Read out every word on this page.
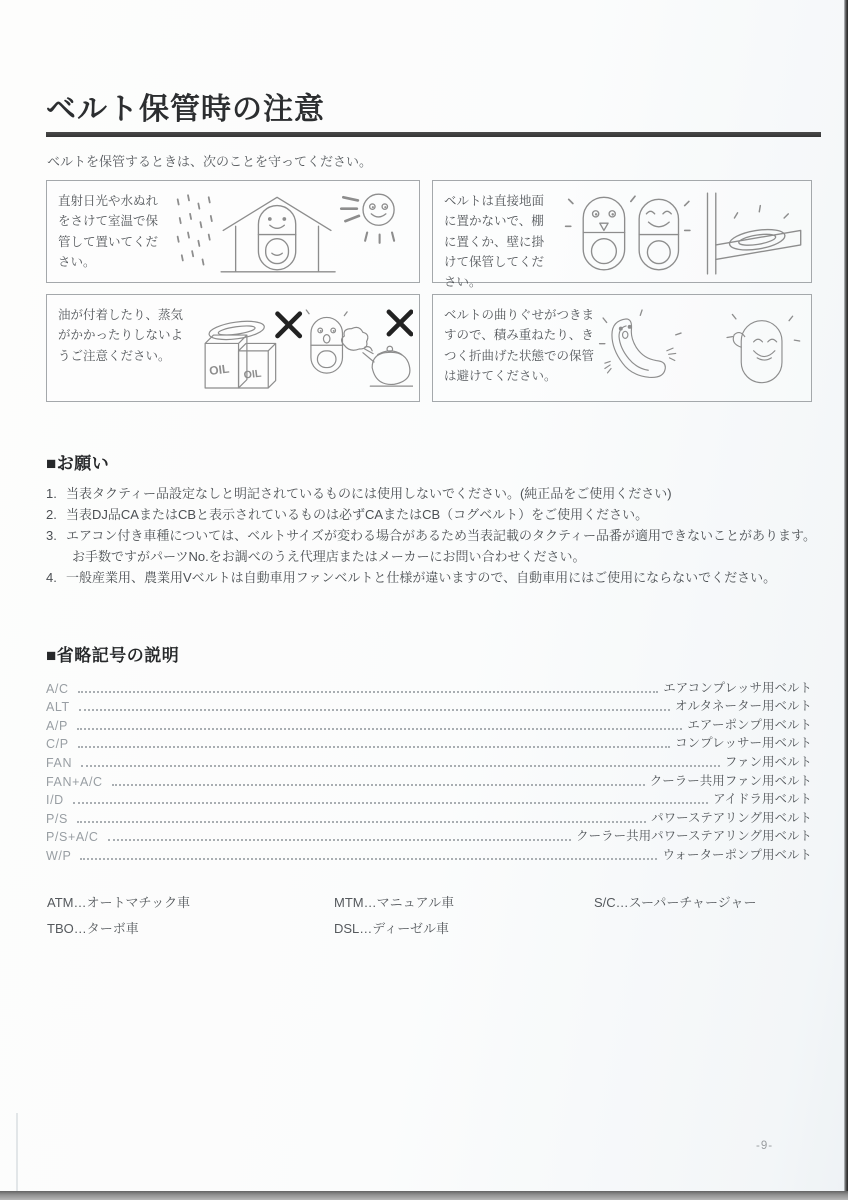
ベルト保管時の注意

ベルトを保管するときは、次のことを守ってください。

直射日光や水ぬれをさけて室温で保管して置いてください。

ベルトは直接地面に置かないで、棚に置くか、壁に掛けて保管してください。

油が付着したり、蒸気がかかったりしないようご注意ください。

OIL OIL

ベルトの曲りぐせがつきますので、積み重ねたり、きつく折曲げた状態での保管は避けてください。

■お願い
1. 当表タクティー品設定なしと明記されているものには使用しないでください。(純正品をご使用ください)
2. 当表DJ品CAまたはCBと表示されているものは必ずCAまたはCB（コグベルト）をご使用ください。
3. エアコン付き車種については、ベルトサイズが変わる場合があるため当表記載のタクティー品番が適用できないことがあります。
お手数ですがパーツNo.をお調べのうえ代理店またはメーカーにお問い合わせください。
4. 一般産業用、農業用Vベルトは自動車用ファンベルトと仕様が違いますので、自動車用にはご使用にならないでください。
■省略記号の説明
A/C	エアコンプレッサ用ベルト
ALT	オルタネーター用ベルト
A/P	エアーポンプ用ベルト
C/P	コンプレッサー用ベルト
FAN	ファン用ベルト
FAN+A/C	クーラー共用ファン用ベルト
I/D	アイドラ用ベルト
P/S	パワーステアリング用ベルト
P/S+A/C	クーラー共用パワーステアリング用ベルト
W/P	ウォーターポンプ用ベルト
ATM…オートマチック車	MTM…マニュアル車	S/C…スーパーチャージャー
TBO…ターボ車	DSL…ディーゼル車
-9-
